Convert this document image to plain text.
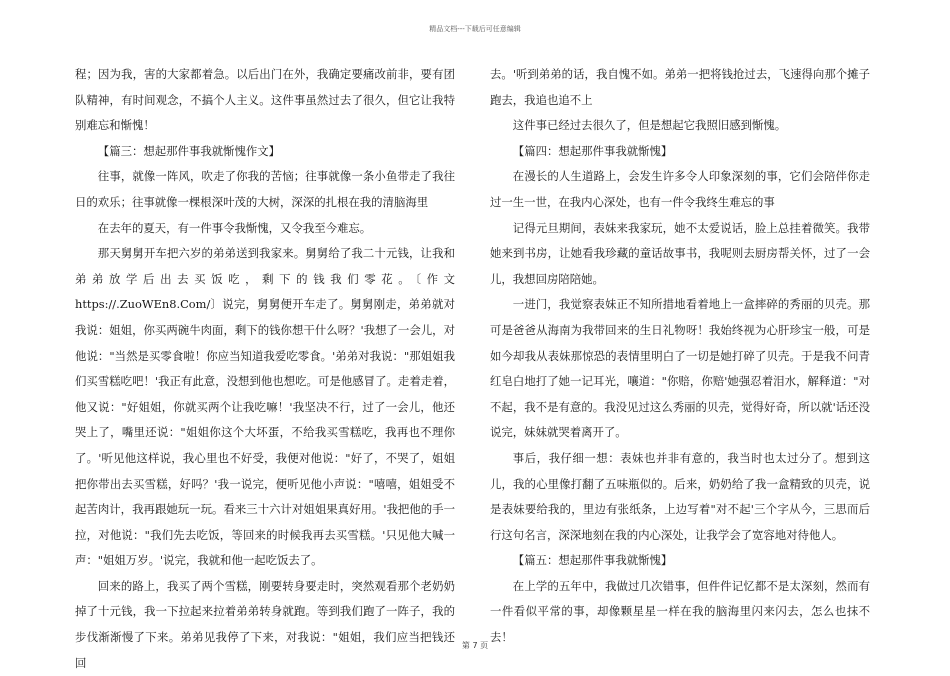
精品文档---下载后可任意编辑

程；因为我，害的大家都着急。以后出门在外，我确定要痛改前非，要有团队精神，有时间观念，不搞个人主义。这件事虽然过去了很久，但它让我特别难忘和惭愧！

【篇三：想起那件事我就惭愧作文】

往事，就像一阵风，吹走了你我的苦恼；往事就像一条小鱼带走了我往日的欢乐；往事就像一棵根深叶茂的大树，深深的扎根在我的清脑海里

在去年的夏天，有一件事令我惭愧，又令我至今难忘。

那天舅舅开车把六岁的弟弟送到我家来。舅舅给了我二十元钱，让我和弟弟放学后出去买饭吃，剩下的钱我们零花。〔作文 https://.ZuoWEn8.Com/〕说完，舅舅便开车走了。舅舅刚走，弟弟就对我说：姐姐，你买两碗牛肉面，剩下的钱你想干什么呀？'我想了一会儿，对他说："当然是买零食啦！你应当知道我爱吃零食。'弟弟对我说："那姐姐我们买雪糕吃吧！'我正有此意，没想到他也想吃。可是他感冒了。走着走着，他又说："好姐姐，你就买两个让我吃嘛！'我坚决不行，过了一会儿，他还哭上了，嘴里还说："姐姐你这个大坏蛋，不给我买雪糕吃，我再也不理你了。'听见他这样说，我心里也不好受，我便对他说："好了，不哭了，姐姐把你带出去买雪糕，好吗？'我一说完，便听见他小声说："嘻嘻，姐姐受不起苦肉计，我再跟她玩一玩。看来三十六计对姐姐果真好用。'我把他的手一拉，对他说："我们先去吃饭，等回来的时候我再去买雪糕。'只见他大喊一声："姐姐万岁。'说完，我就和他一起吃饭去了。

回来的路上，我买了两个雪糕，刚要转身要走时，突然观看那个老奶奶掉了十元钱，我一下拉起来拉着弟弟转身就跑。等到我们跑了一阵子，我的步伐渐渐慢了下来。弟弟见我停了下来，对我说："姐姐，我们应当把钱还回

去。'听到弟弟的话，我自愧不如。弟弟一把将钱抢过去，飞速得向那个摊子跑去，我追也追不上

这件事已经过去很久了，但是想起它我照旧感到惭愧。

【篇四：想起那件事我就惭愧】

在漫长的人生道路上，会发生许多令人印象深刻的事，它们会陪伴你走过一生一世，在我内心深处，也有一件令我终生难忘的事

记得元旦期间，表妹来我家玩，她不太爱说话，脸上总挂着微笑。我带她来到书房，让她看我珍藏的童话故事书，我呢则去厨房帮关怀，过了一会儿，我想回房陪陪她。

一进门，我觉察表妹正不知所措地看着地上一盒摔碎的秀丽的贝壳。那可是爸爸从海南为我带回来的生日礼物呀！我始终视为心肝珍宝一般，可是如今却我从表妹那惊恐的表情里明白了一切是她打碎了贝壳。于是我不问青红皂白地打了她一记耳光，嚷道："你赔，你赔'她强忍着泪水，解释道："对不起，我不是有意的。我没见过这么秀丽的贝壳，觉得好奇，所以就'话还没说完，妹妹就哭着离开了。

事后，我仔细一想：表妹也并非有意的，我当时也太过分了。想到这儿，我的心里像打翻了五味瓶似的。后来，奶奶给了我一盒精致的贝壳，说是表妹要给我的，里边有张纸条，上边写着"对不起'三个字从今，三思而后行这句名言，深深地刻在我的内心深处，让我学会了宽容地对待他人。

【篇五：想起那件事我就惭愧】

在上学的五年中，我做过几次错事，但件件记忆都不是太深刻，然而有一件看似平常的事，却像颗星星一样在我的脑海里闪来闪去，怎么也抹不去！

第 7 页
